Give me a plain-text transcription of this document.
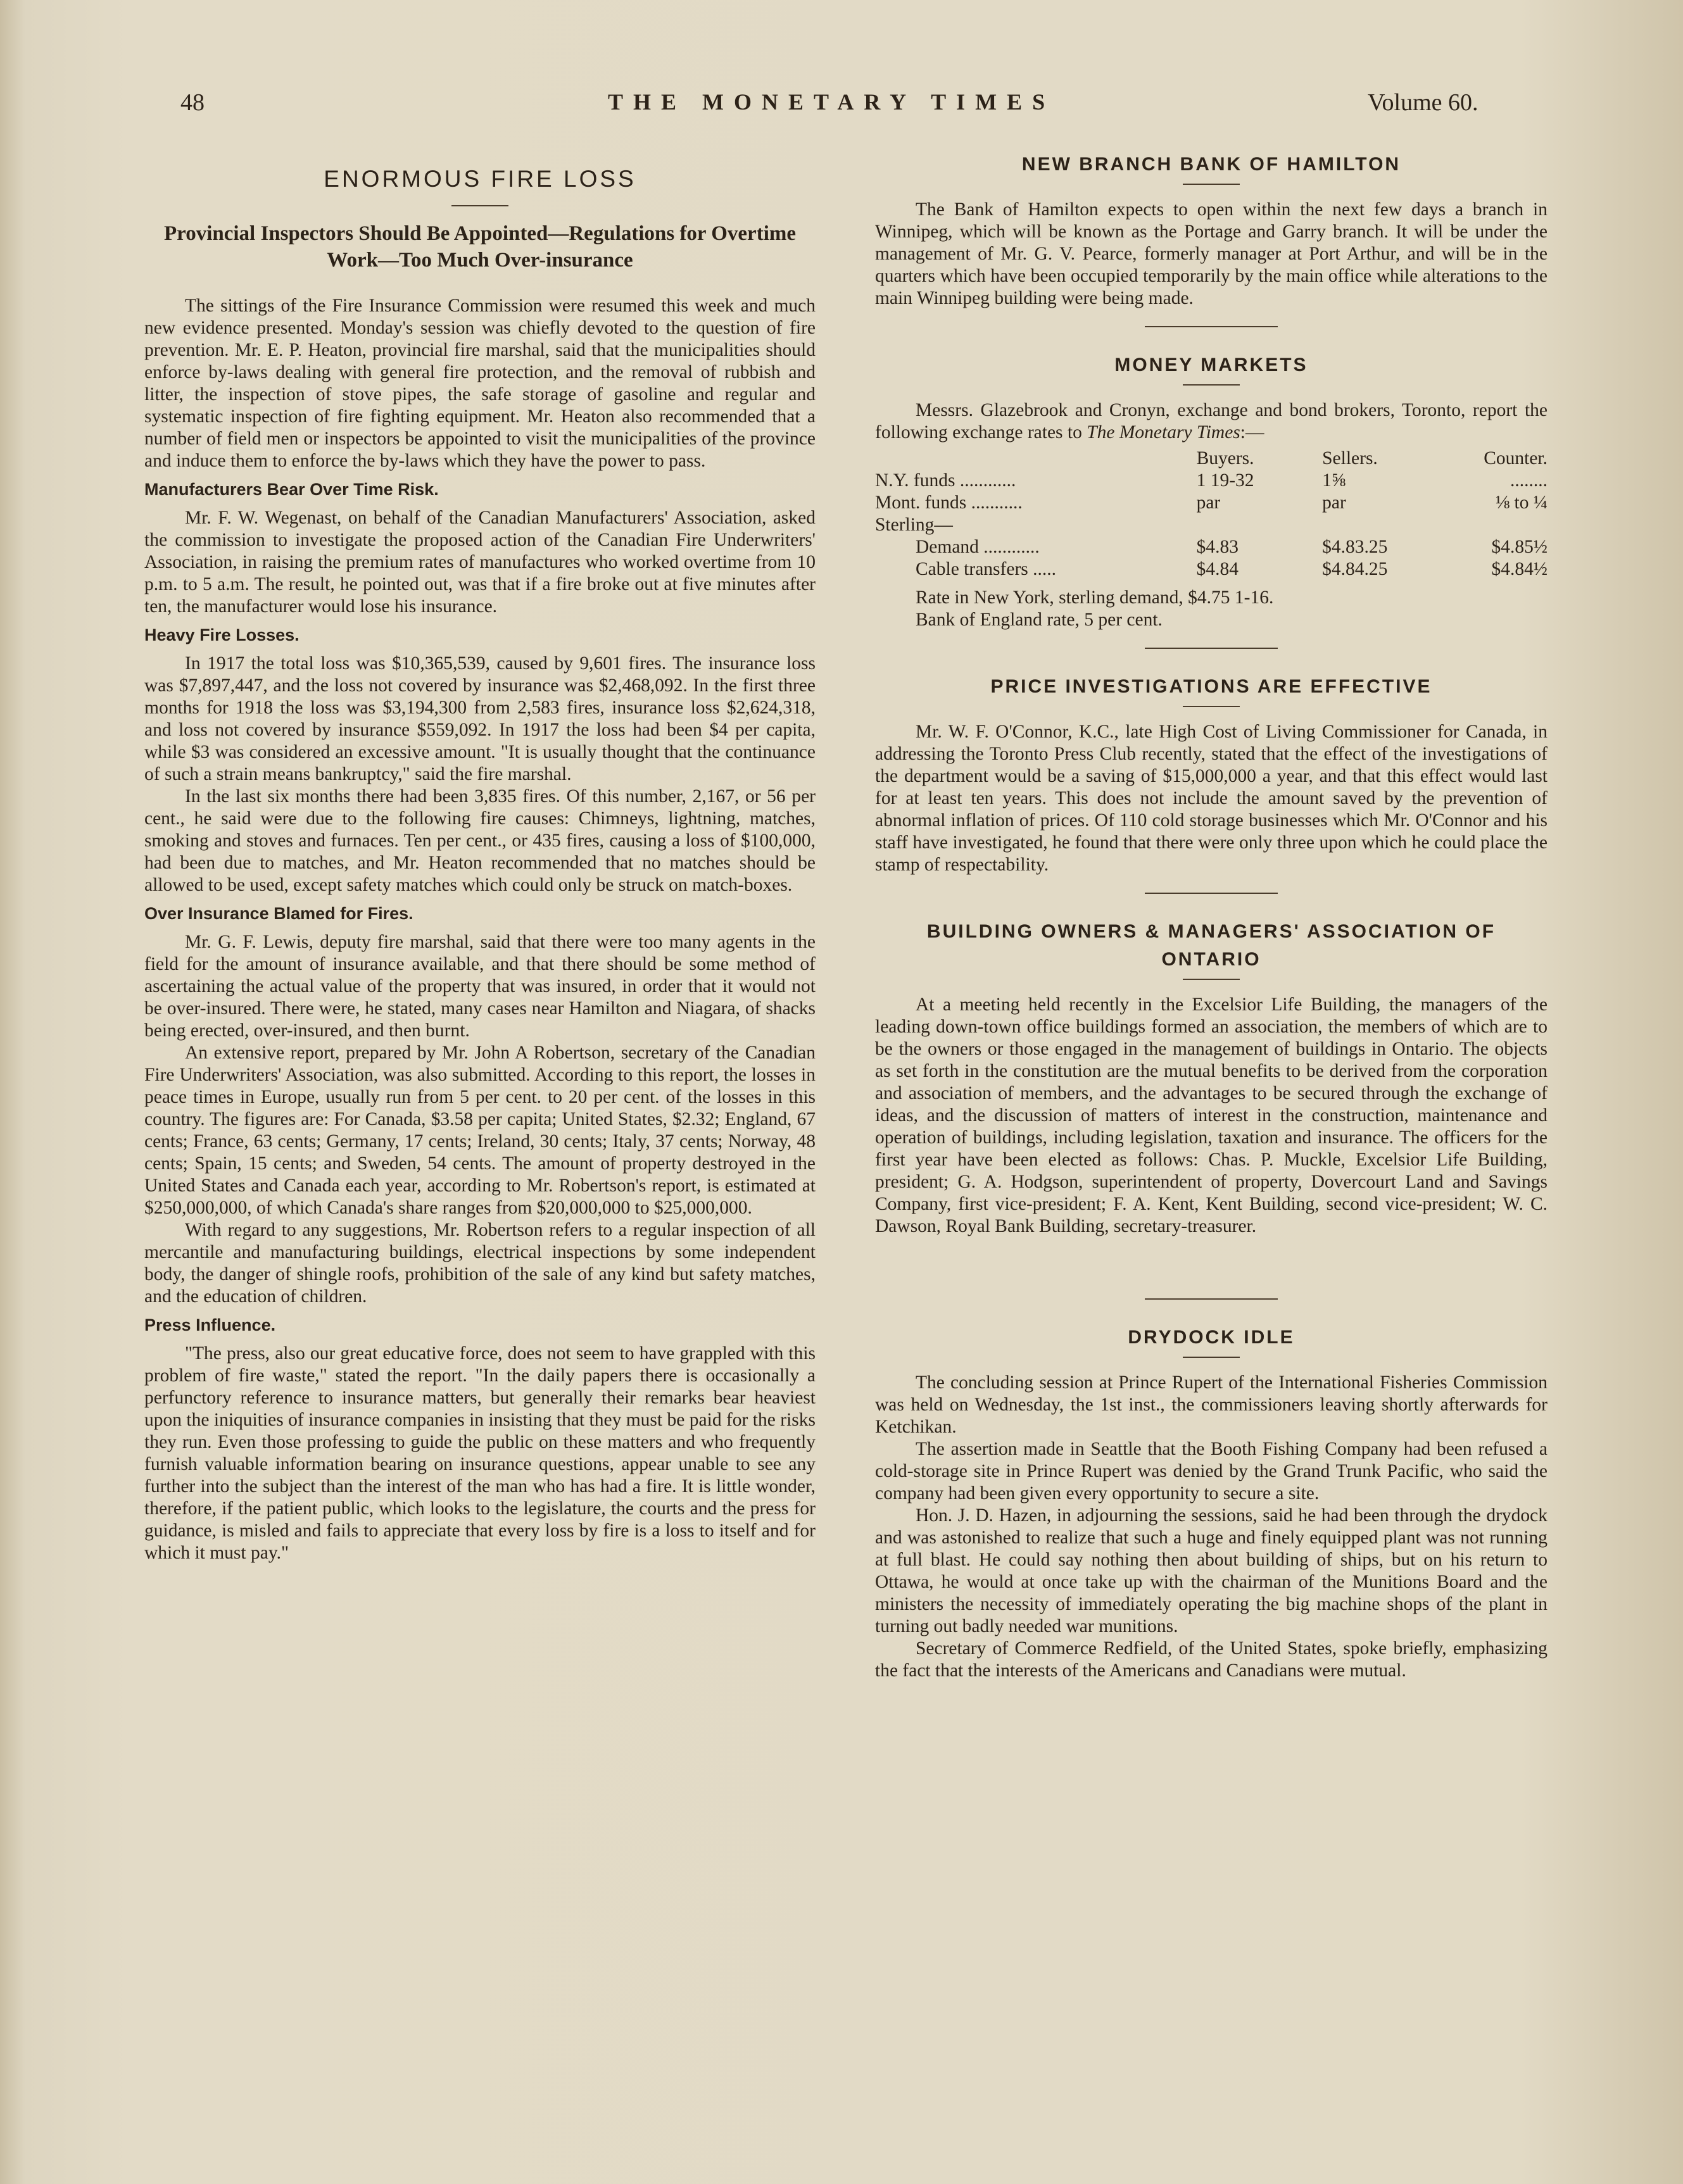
48	THE MONETARY TIMES	Volume 60.
ENORMOUS FIRE LOSS
Provincial Inspectors Should Be Appointed—Regulations for Overtime Work—Too Much Over-insurance

The sittings of the Fire Insurance Commission were resumed this week and much new evidence presented. Monday's session was chiefly devoted to the question of fire prevention. Mr. E. P. Heaton, provincial fire marshal, said that the municipalities should enforce by-laws dealing with general fire protection, and the removal of rubbish and litter, the inspection of stove pipes, the safe storage of gasoline and regular and systematic inspection of fire fighting equipment. Mr. Heaton also recommended that a number of field men or inspectors be appointed to visit the municipalities of the province and induce them to enforce the by-laws which they have the power to pass.

Manufacturers Bear Over Time Risk.

Mr. F. W. Wegenast, on behalf of the Canadian Manufacturers' Association, asked the commission to investigate the proposed action of the Canadian Fire Underwriters' Association, in raising the premium rates of manufactures who worked overtime from 10 p.m. to 5 a.m. The result, he pointed out, was that if a fire broke out at five minutes after ten, the manufacturer would lose his insurance.

Heavy Fire Losses.

In 1917 the total loss was $10,365,539, caused by 9,601 fires. The insurance loss was $7,897,447, and the loss not covered by insurance was $2,468,092. In the first three months for 1918 the loss was $3,194,300 from 2,583 fires, insurance loss $2,624,318, and loss not covered by insurance $559,092. In 1917 the loss had been $4 per capita, while $3 was considered an excessive amount. "It is usually thought that the continuance of such a strain means bankruptcy," said the fire marshal.

In the last six months there had been 3,835 fires. Of this number, 2,167, or 56 per cent., he said were due to the following fire causes: Chimneys, lightning, matches, smoking and stoves and furnaces. Ten per cent., or 435 fires, causing a loss of $100,000, had been due to matches, and Mr. Heaton recommended that no matches should be allowed to be used, except safety matches which could only be struck on match-boxes.

Over Insurance Blamed for Fires.

Mr. G. F. Lewis, deputy fire marshal, said that there were too many agents in the field for the amount of insurance available, and that there should be some method of ascertaining the actual value of the property that was insured, in order that it would not be over-insured. There were, he stated, many cases near Hamilton and Niagara, of shacks being erected, over-insured, and then burnt.

An extensive report, prepared by Mr. John A Robertson, secretary of the Canadian Fire Underwriters' Association, was also submitted. According to this report, the losses in peace times in Europe, usually run from 5 per cent. to 20 per cent. of the losses in this country. The figures are: For Canada, $3.58 per capita; United States, $2.32; England, 67 cents; France, 63 cents; Germany, 17 cents; Ireland, 30 cents; Italy, 37 cents; Norway, 48 cents; Spain, 15 cents; and Sweden, 54 cents. The amount of property destroyed in the United States and Canada each year, according to Mr. Robertson's report, is estimated at $250,000,000, of which Canada's share ranges from $20,000,000 to $25,000,000.

With regard to any suggestions, Mr. Robertson refers to a regular inspection of all mercantile and manufacturing buildings, electrical inspections by some independent body, the danger of shingle roofs, prohibition of the sale of any kind but safety matches, and the education of children.

Press Influence.

"The press, also our great educative force, does not seem to have grappled with this problem of fire waste," stated the report. "In the daily papers there is occasionally a perfunctory reference to insurance matters, but generally their remarks bear heaviest upon the iniquities of insurance companies in insisting that they must be paid for the risks they run. Even those professing to guide the public on these matters and who frequently furnish valuable information bearing on insurance questions, appear unable to see any further into the subject than the interest of the man who has had a fire. It is little wonder, therefore, if the patient public, which looks to the legislature, the courts and the press for guidance, is misled and fails to appreciate that every loss by fire is a loss to itself and for which it must pay."

NEW BRANCH BANK OF HAMILTON

The Bank of Hamilton expects to open within the next few days a branch in Winnipeg, which will be known as the Portage and Garry branch. It will be under the management of Mr. G. V. Pearce, formerly manager at Port Arthur, and will be in the quarters which have been occupied temporarily by the main office while alterations to the main Winnipeg building were being made.

MONEY MARKETS

Messrs. Glazebrook and Cronyn, exchange and bond brokers, Toronto, report the following exchange rates to The Monetary Times:—

	Buyers.	Sellers.	Counter.
N.Y. funds ............	1 19-32	1⅝	........
Mont. funds ...........	par	par	⅛ to ¼
Sterling—			
Demand ............	$4.83	$4.83.25	$4.85½
Cable transfers .....	$4.84	$4.84.25	$4.84½
Rate in New York, sterling demand, $4.75 1-16.
Bank of England rate, 5 per cent.
PRICE INVESTIGATIONS ARE EFFECTIVE

Mr. W. F. O'Connor, K.C., late High Cost of Living Commissioner for Canada, in addressing the Toronto Press Club recently, stated that the effect of the investigations of the department would be a saving of $15,000,000 a year, and that this effect would last for at least ten years. This does not include the amount saved by the prevention of abnormal inflation of prices. Of 110 cold storage businesses which Mr. O'Connor and his staff have investigated, he found that there were only three upon which he could place the stamp of respectability.

BUILDING OWNERS & MANAGERS' ASSOCIATION OF
ONTARIO

At a meeting held recently in the Excelsior Life Building, the managers of the leading down-town office buildings formed an association, the members of which are to be the owners or those engaged in the management of buildings in Ontario. The objects as set forth in the constitution are the mutual benefits to be derived from the corporation and association of members, and the advantages to be secured through the exchange of ideas, and the discussion of matters of interest in the construction, maintenance and operation of buildings, including legislation, taxation and insurance. The officers for the first year have been elected as follows: Chas. P. Muckle, Excelsior Life Building, president; G. A. Hodgson, superintendent of property, Dovercourt Land and Savings Company, first vice-president; F. A. Kent, Kent Building, second vice-president; W. C. Dawson, Royal Bank Building, secretary-treasurer.

DRYDOCK IDLE

The concluding session at Prince Rupert of the International Fisheries Commission was held on Wednesday, the 1st inst., the commissioners leaving shortly afterwards for Ketchikan.

The assertion made in Seattle that the Booth Fishing Company had been refused a cold-storage site in Prince Rupert was denied by the Grand Trunk Pacific, who said the company had been given every opportunity to secure a site.

Hon. J. D. Hazen, in adjourning the sessions, said he had been through the drydock and was astonished to realize that such a huge and finely equipped plant was not running at full blast. He could say nothing then about building of ships, but on his return to Ottawa, he would at once take up with the chairman of the Munitions Board and the ministers the necessity of immediately operating the big machine shops of the plant in turning out badly needed war munitions.

Secretary of Commerce Redfield, of the United States, spoke briefly, emphasizing the fact that the interests of the Americans and Canadians were mutual.
